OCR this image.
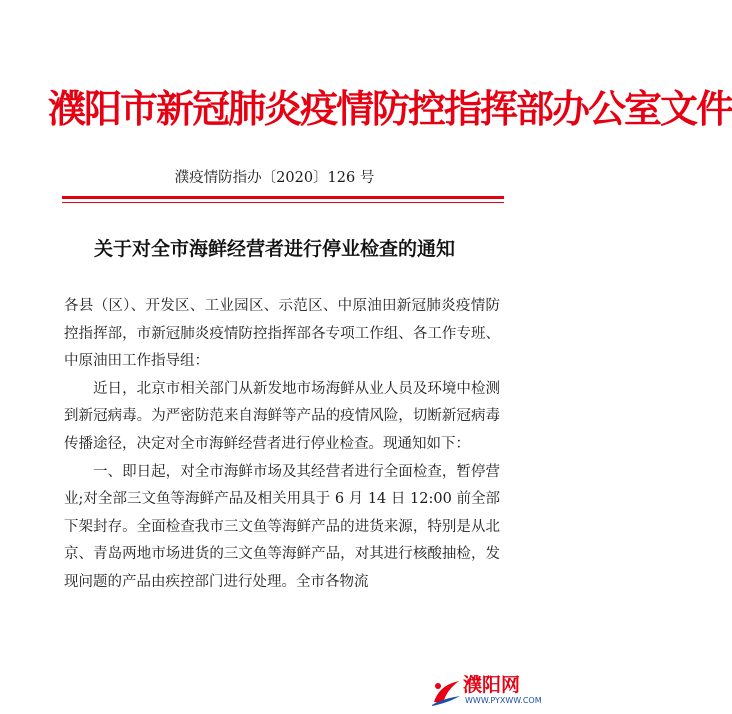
濮阳市新冠肺炎疫情防控指挥部办公室文件
濮疫情防指办〔2020〕126 号
关于对全市海鲜经营者进行停业检查的通知

各县（区）、开发区、工业园区、示范区、中原油田新冠肺炎疫情防控指挥部，市新冠肺炎疫情防控指挥部各专项工作组、各工作专班、中原油田工作指导组：

近日，北京市相关部门从新发地市场海鲜从业人员及环境中检测到新冠病毒。为严密防范来自海鲜等产品的疫情风险，切断新冠病毒传播途径，决定对全市海鲜经营者进行停业检查。现通知如下：

一、即日起，对全市海鲜市场及其经营者进行全面检查，暂停营业;对全部三文鱼等海鲜产品及相关用具于 6 月 14 日 12:00 前全部下架封存。全面检查我市三文鱼等海鲜产品的进货来源，特别是从北京、青岛两地市场进货的三文鱼等海鲜产品，对其进行核酸抽检，发现问题的产品由疾控部门进行处理。全市各物流

濮阳网
WWW.PYXWW.COM
